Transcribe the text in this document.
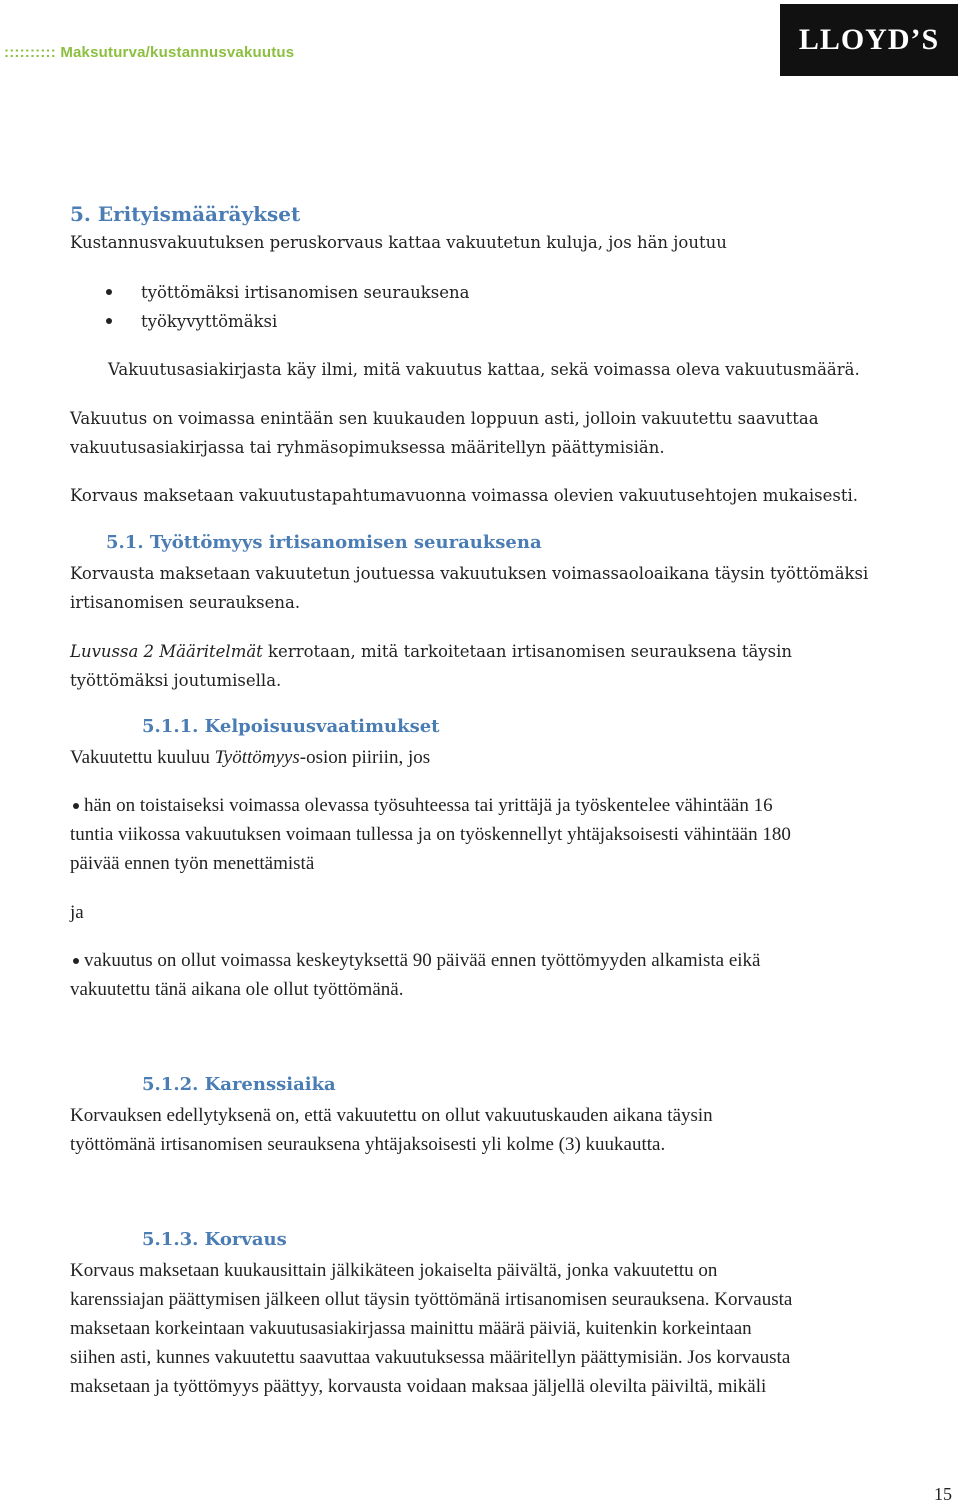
:::::::::: Maksuturva/kustannusvakuutus	LLOYD’S
5. Erityismääräykset
Kustannusvakuutuksen peruskorvaus kattaa vakuutetun kuluja, jos hän joutuu
työttömäksi irtisanomisen seurauksena
työkyvyttömäksi
Vakuutusasiakirjasta käy ilmi, mitä vakuutus kattaa, sekä voimassa oleva vakuutusmäärä.
Vakuutus on voimassa enintään sen kuukauden loppuun asti, jolloin vakuutettu saavuttaa
vakuutusasiakirjassa tai ryhmäsopimuksessa määritellyn päättymisiän.
Korvaus maksetaan vakuutustapahtumavuonna voimassa olevien vakuutusehtojen mukaisesti.
5.1. Työttömyys irtisanomisen seurauksena
Korvausta maksetaan vakuutetun joutuessa vakuutuksen voimassaoloaikana täysin työttömäksi
irtisanomisen seurauksena.
Luvussa 2 Määritelmät kerrotaan, mitä tarkoitetaan irtisanomisen seurauksena täysin
työttömäksi joutumisella.
5.1.1. Kelpoisuusvaatimukset
Vakuutettu kuuluu Työttömyys-osion piiriin, jos
hän on toistaiseksi voimassa olevassa työsuhteessa tai yrittäjä ja työskentelee vähintään 16
tuntia viikossa vakuutuksen voimaan tullessa ja on työskennellyt yhtäjaksoisesti vähintään 180
päivää ennen työn menettämistä
ja
vakuutus on ollut voimassa keskeytyksettä 90 päivää ennen työttömyyden alkamista eikä
vakuutettu tänä aikana ole ollut työttömänä.
5.1.2. Karenssiaika
Korvauksen edellytyksenä on, että vakuutettu on ollut vakuutuskauden aikana täysin
työttömänä irtisanomisen seurauksena yhtäjaksoisesti yli kolme (3) kuukautta.
5.1.3. Korvaus
Korvaus maksetaan kuukausittain jälkikäteen jokaiselta päivältä, jonka vakuutettu on
karenssiajan päättymisen jälkeen ollut täysin työttömänä irtisanomisen seurauksena. Korvausta
maksetaan korkeintaan vakuutusasiakirjassa mainittu määrä päiviä, kuitenkin korkeintaan
siihen asti, kunnes vakuutettu saavuttaa vakuutuksessa määritellyn päättymisiän. Jos korvausta
maksetaan ja työttömyys päättyy, korvausta voidaan maksaa jäljellä olevilta päiviltä, mikäli
15
